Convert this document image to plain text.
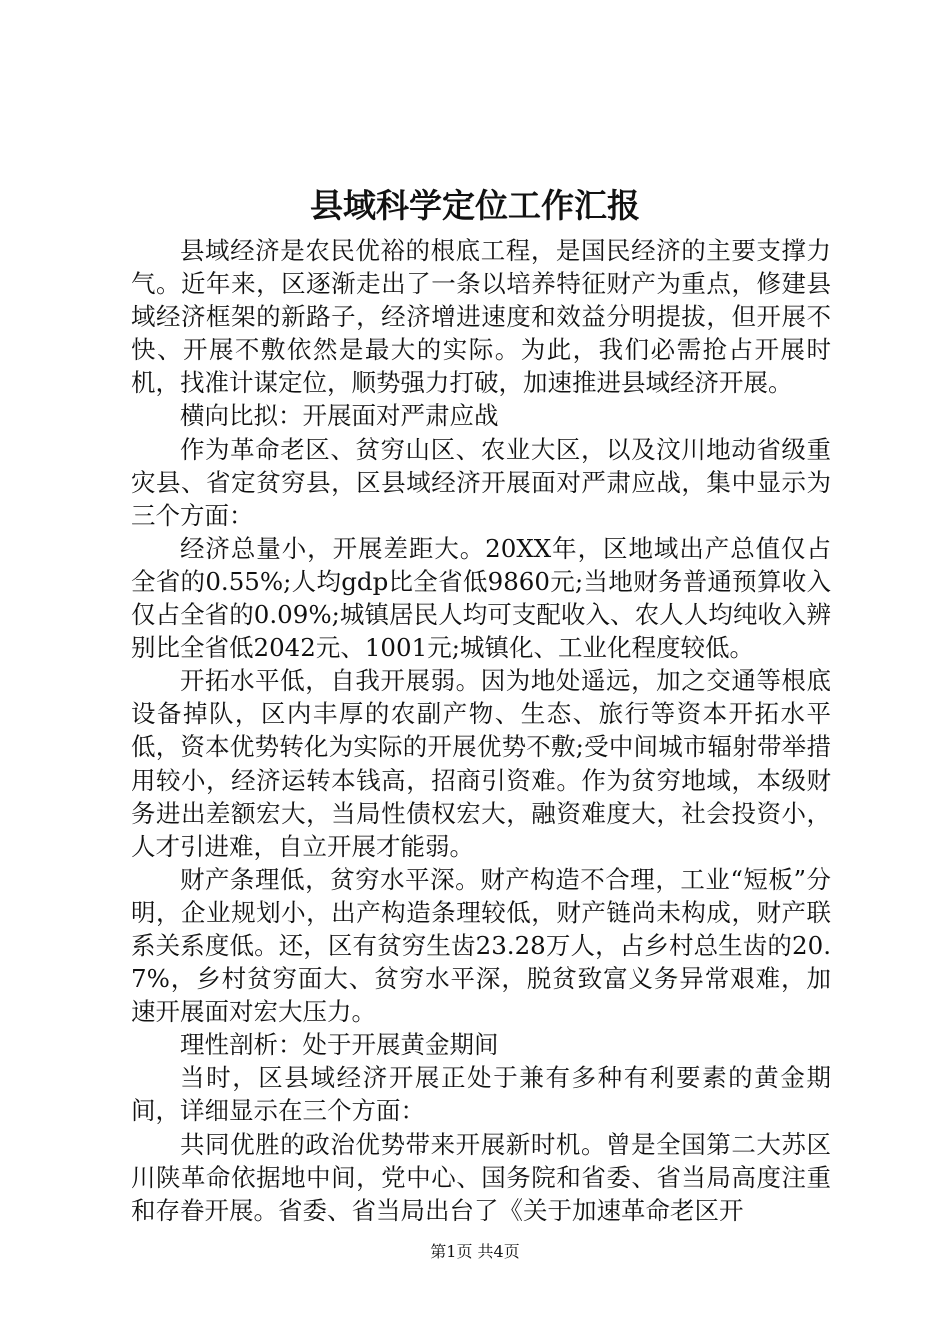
县域科学定位工作汇报

县域经济是农民优裕的根底工程，是国民经济的主要支撑力气。近年来，区逐渐走出了一条以培养特征财产为重点，修建县域经济框架的新路子，经济增进速度和效益分明提拔，但开展不快、开展不敷依然是最大的实际。为此，我们必需抢占开展时机，找准计谋定位，顺势强力打破，加速推进县域经济开展。

横向比拟：开展面对严肃应战

作为革命老区、贫穷山区、农业大区，以及汶川地动省级重灾县、省定贫穷县，区县域经济开展面对严肃应战，集中显示为三个方面：

经济总量小，开展差距大。20XX年，区地域出产总值仅占全省的0.55%;人均gdp比全省低9860元;当地财务普通预算收入仅占全省的0.09%;城镇居民人均可支配收入、农人人均纯收入辨别比全省低2042元、1001元;城镇化、工业化程度较低。

开拓水平低，自我开展弱。因为地处遥远，加之交通等根底设备掉队，区内丰厚的农副产物、生态、旅行等资本开拓水平低，资本优势转化为实际的开展优势不敷;受中间城市辐射带举措用较小，经济运转本钱高，招商引资难。作为贫穷地域，本级财务进出差额宏大，当局性债权宏大，融资难度大，社会投资小，人才引进难，自立开展才能弱。

财产条理低，贫穷水平深。财产构造不合理，工业“短板”分明，企业规划小，出产构造条理较低，财产链尚未构成，财产联系关系度低。还，区有贫穷生齿23.28万人，占乡村总生齿的20.7%，乡村贫穷面大、贫穷水平深，脱贫致富义务异常艰难，加速开展面对宏大压力。

理性剖析：处于开展黄金期间

当时，区县域经济开展正处于兼有多种有利要素的黄金期间，详细显示在三个方面：

共同优胜的政治优势带来开展新时机。曾是全国第二大苏区川陕革命依据地中间，党中心、国务院和省委、省当局高度注重和存眷开展。省委、省当局出台了《关于加速革命老区开

第1页 共4页
